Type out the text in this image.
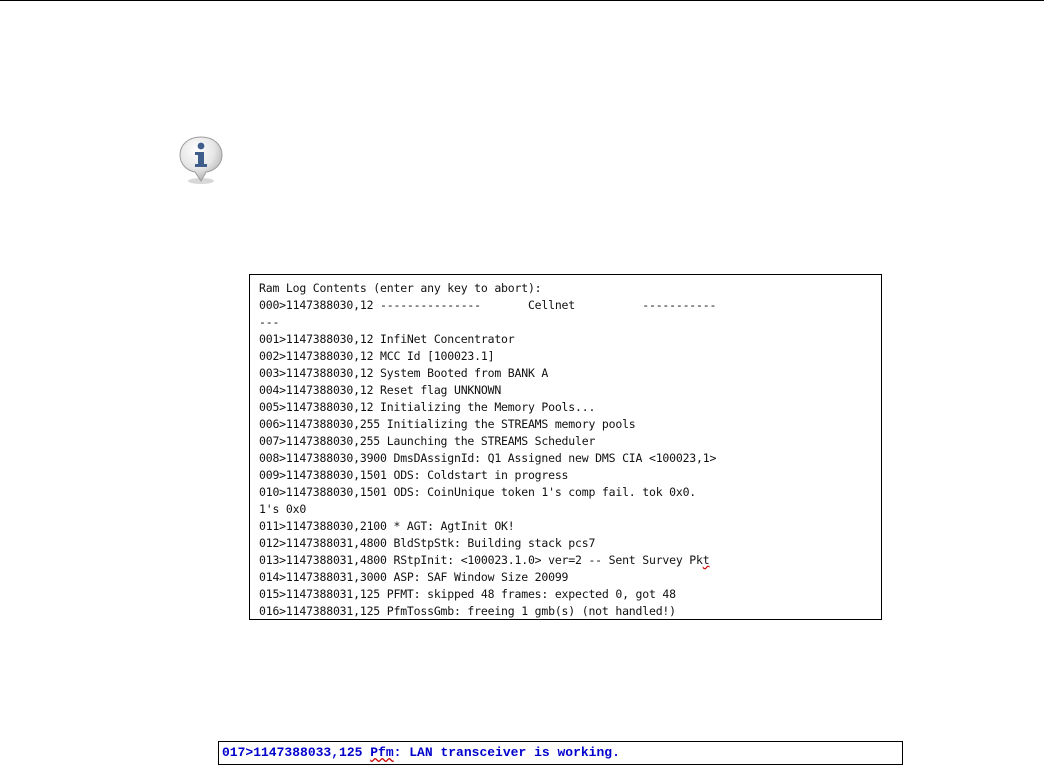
Ram Log Contents (enter any key to abort):
000>1147388030,12 ---------------       Cellnet          -----------
---
001>1147388030,12 InfiNet Concentrator
002>1147388030,12 MCC Id [100023.1]
003>1147388030,12 System Booted from BANK A
004>1147388030,12 Reset flag UNKNOWN
005>1147388030,12 Initializing the Memory Pools...
006>1147388030,255 Initializing the STREAMS memory pools
007>1147388030,255 Launching the STREAMS Scheduler
008>1147388030,3900 DmsDAssignId: Q1 Assigned new DMS CIA <100023,1>
009>1147388030,1501 ODS: Coldstart in progress
010>1147388030,1501 ODS: CoinUnique token 1's comp fail. tok 0x0.
1's 0x0
011>1147388030,2100 * AGT: AgtInit OK!
012>1147388031,4800 BldStpStk: Building stack pcs7
013>1147388031,4800 RStpInit: <100023.1.0> ver=2 -- Sent Survey Pkt
014>1147388031,3000 ASP: SAF Window Size 20099
015>1147388031,125 PFMT: skipped 48 frames: expected 0, got 48
016>1147388031,125 PfmTossGmb: freeing 1 gmb(s) (not handled!)
017>1147388033,125 Pfm: LAN transceiver is working.
